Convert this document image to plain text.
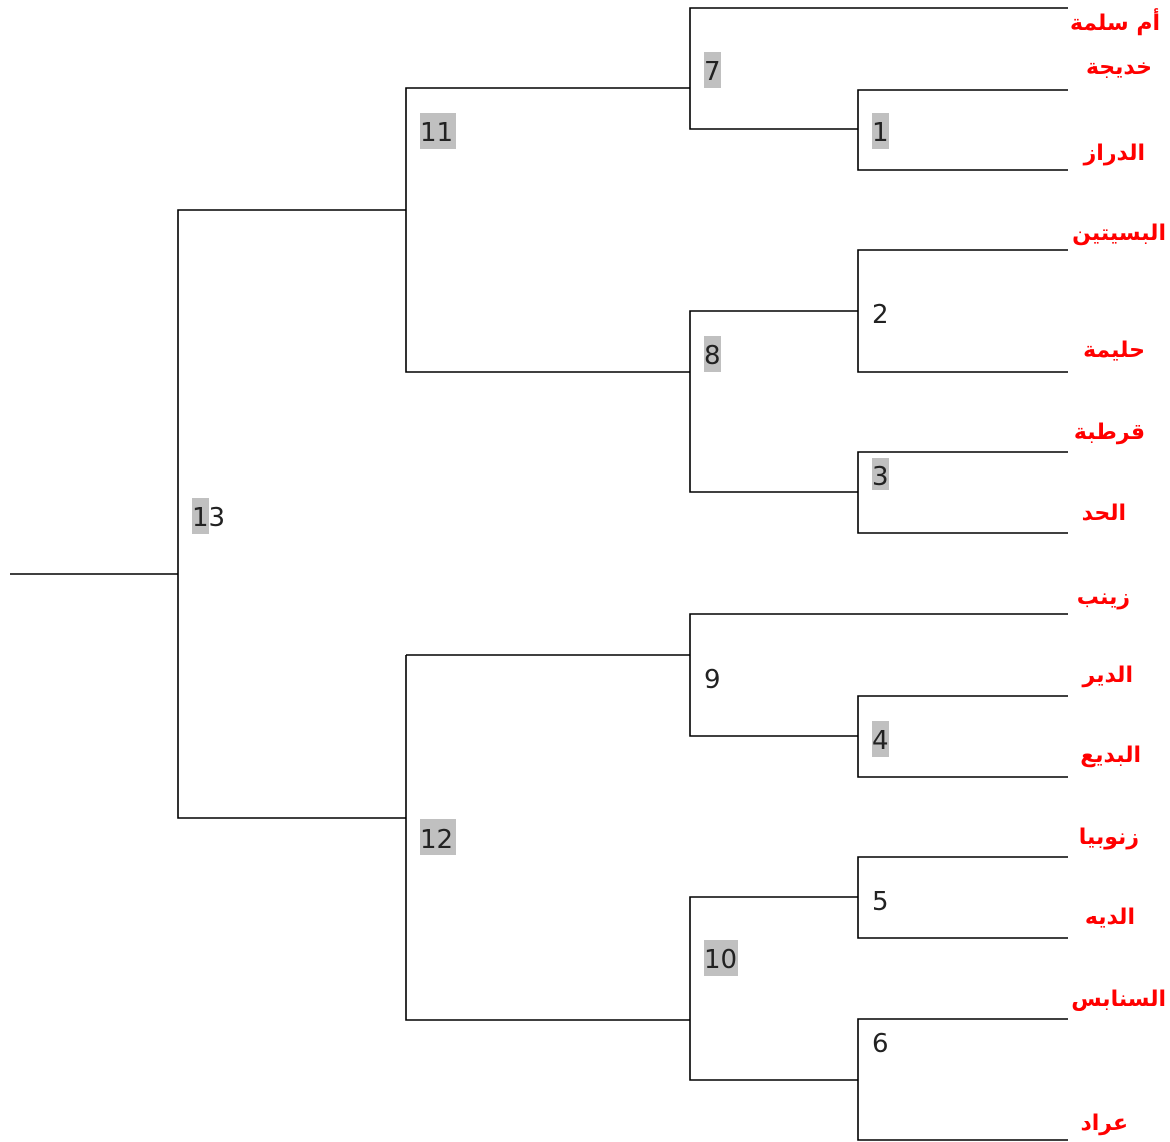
1
2
3
4
5
6
7
8
9
10
11
12
13
أم سلمة
خديجة
الدراز
البسيتين
حليمة
قرطبة
الحد
زينب
الدير
البديع
زنوبيا
الديه
السنابس
عراد
